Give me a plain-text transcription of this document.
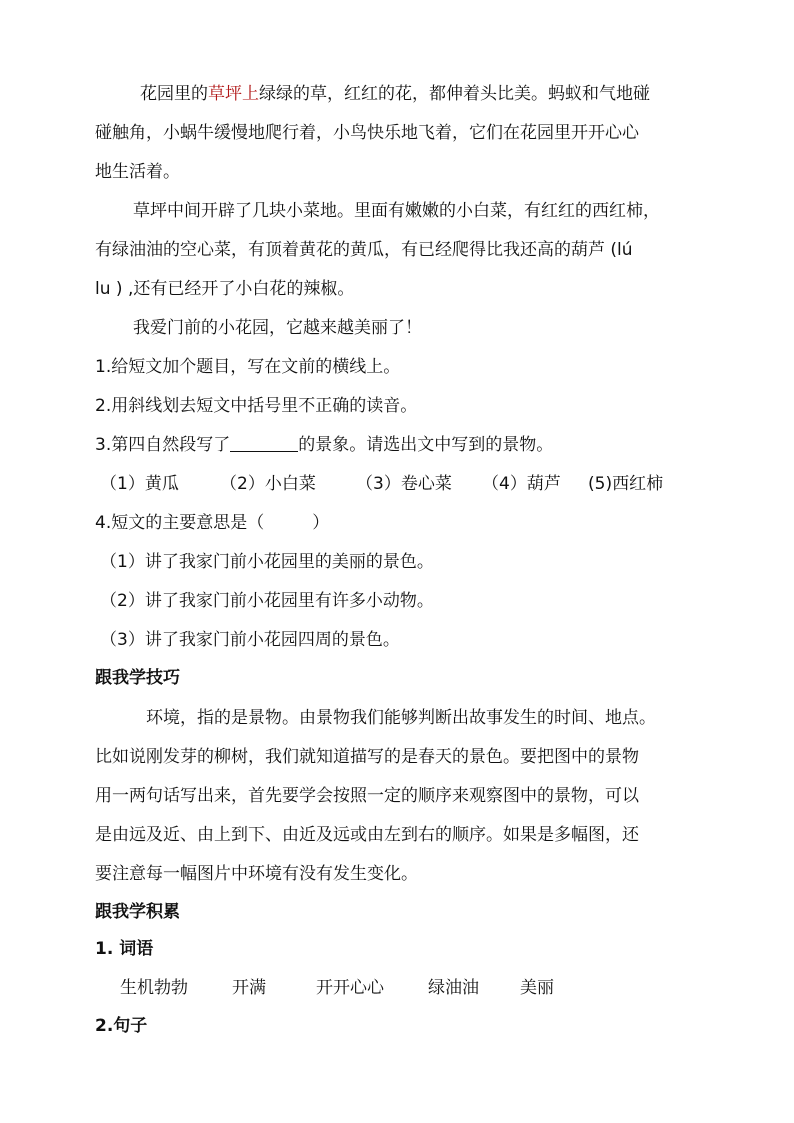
花园里的草坪上绿绿的草，红红的花，都伸着头比美。蚂蚁和气地碰
碰触角，小蜗牛缓慢地爬行着，小鸟快乐地飞着，它们在花园里开开心心
地生活着。
草坪中间开辟了几块小菜地。里面有嫩嫩的小白菜，有红红的西红柿，
有绿油油的空心菜，有顶着黄花的黄瓜，有已经爬得比我还高的葫芦 (lú
lu ) ,还有已经开了小白花的辣椒。
我爱门前的小花园，它越来越美丽了！
1.给短文加个题目，写在文前的横线上。
2.用斜线划去短文中括号里不正确的读音。
3.第四自然段写了	的景象。请选出文中写到的景物。
（1）黄瓜 （2）小白菜 （3）卷心菜 （4）葫芦 (5)西红柿
4.短文的主要意思是（	）
（1）讲了我家门前小花园里的美丽的景色。
（2）讲了我家门前小花园里有许多小动物。
（3）讲了我家门前小花园四周的景色。
跟我学技巧
环境，指的是景物。由景物我们能够判断出故事发生的时间、地点。
比如说刚发芽的柳树，我们就知道描写的是春天的景色。要把图中的景物
用一两句话写出来，首先要学会按照一定的顺序来观察图中的景物，可以
是由远及近、由上到下、由近及远或由左到右的顺序。如果是多幅图，还
要注意每一幅图片中环境有没有发生变化。
跟我学积累
1. 词语
生机勃勃	开满	开开心心	绿油油 美丽
2.句子
